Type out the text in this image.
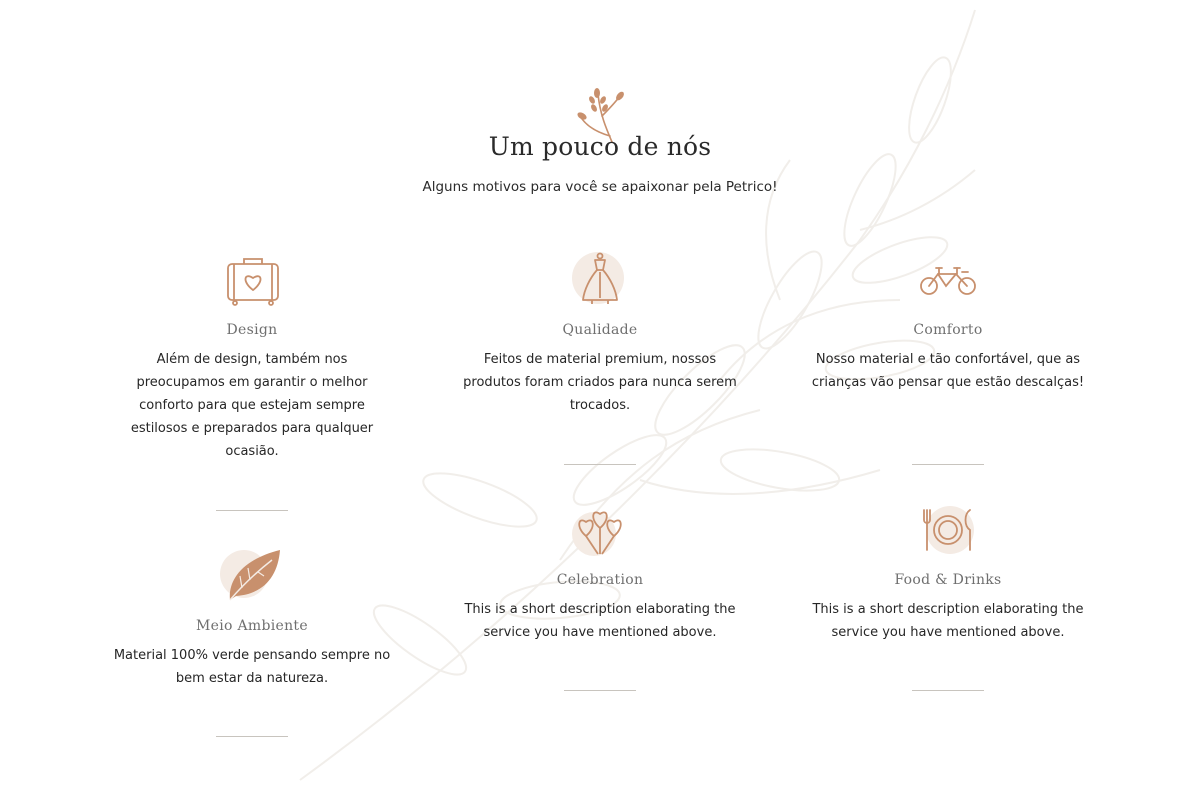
Um pouco de nós
Alguns motivos para você se apaixonar pela Petrico!
Design
Além de design, também nos preocupamos em garantir o melhor conforto para que estejam sempre estilosos e preparados para qualquer ocasião.
Qualidade
Feitos de material premium, nossos produtos foram criados para nunca serem trocados.
Comforto
Nosso material e tão confortável, que as crianças vão pensar que estão descalças!
Meio Ambiente
Material 100% verde pensando sempre no bem estar da natureza.
Celebration
This is a short description elaborating the service you have mentioned above.
Food & Drinks
This is a short description elaborating the service you have mentioned above.
